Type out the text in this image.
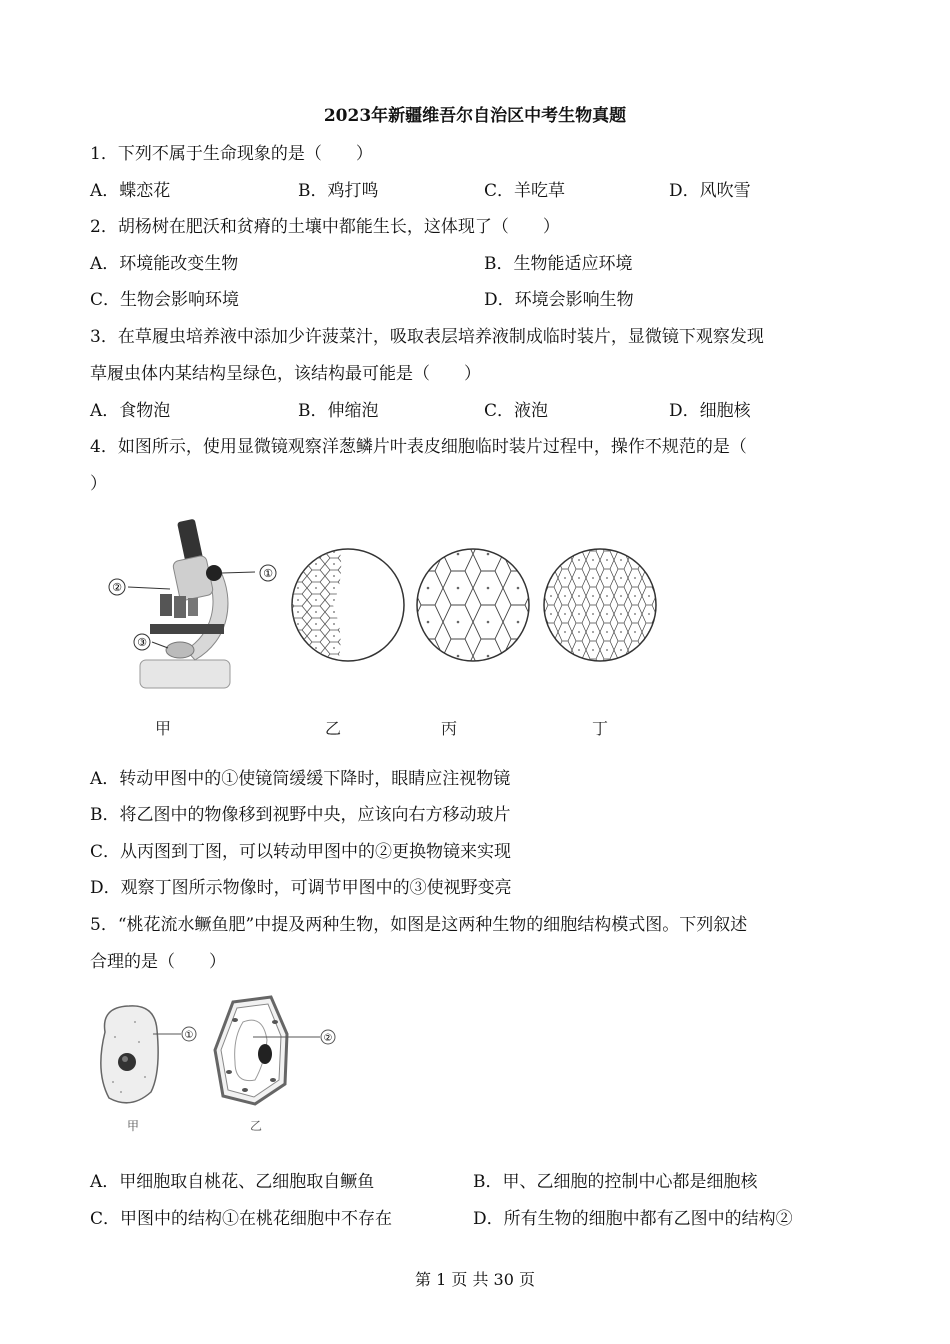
2023年新疆维吾尔自治区中考生物真题
1．下列不属于生命现象的是（　　）
A．蝶恋花	B．鸡打鸣	C．羊吃草	D．风吹雪
2．胡杨树在肥沃和贫瘠的土壤中都能生长，这体现了（　　）
A．环境能改变生物	B．生物能适应环境
C．生物会影响环境	D．环境会影响生物
3．在草履虫培养液中添加少许菠菜汁，吸取表层培养液制成临时装片，显微镜下观察发现
草履虫体内某结构呈绿色，该结构最可能是（　　）
A．食物泡	B．伸缩泡	C．液泡	D．细胞核
4．如图所示，使用显微镜观察洋葱鳞片叶表皮细胞临时装片过程中，操作不规范的是（
）
①
②
③
甲	乙	丙	丁
A．转动甲图中的①使镜筒缓缓下降时，眼睛应注视物镜
B．将乙图中的物像移到视野中央，应该向右方移动玻片
C．从丙图到丁图，可以转动甲图中的②更换物镜来实现
D．观察丁图所示物像时，可调节甲图中的③使视野变亮
5．“桃花流水鳜鱼肥”中提及两种生物，如图是这两种生物的细胞结构模式图。下列叙述
合理的是（　　）
①	②
甲	乙
A．甲细胞取自桃花、乙细胞取自鳜鱼	B．甲、乙细胞的控制中心都是细胞核
C．甲图中的结构①在桃花细胞中不存在	D．所有生物的细胞中都有乙图中的结构②
第 1 页 共 30 页
